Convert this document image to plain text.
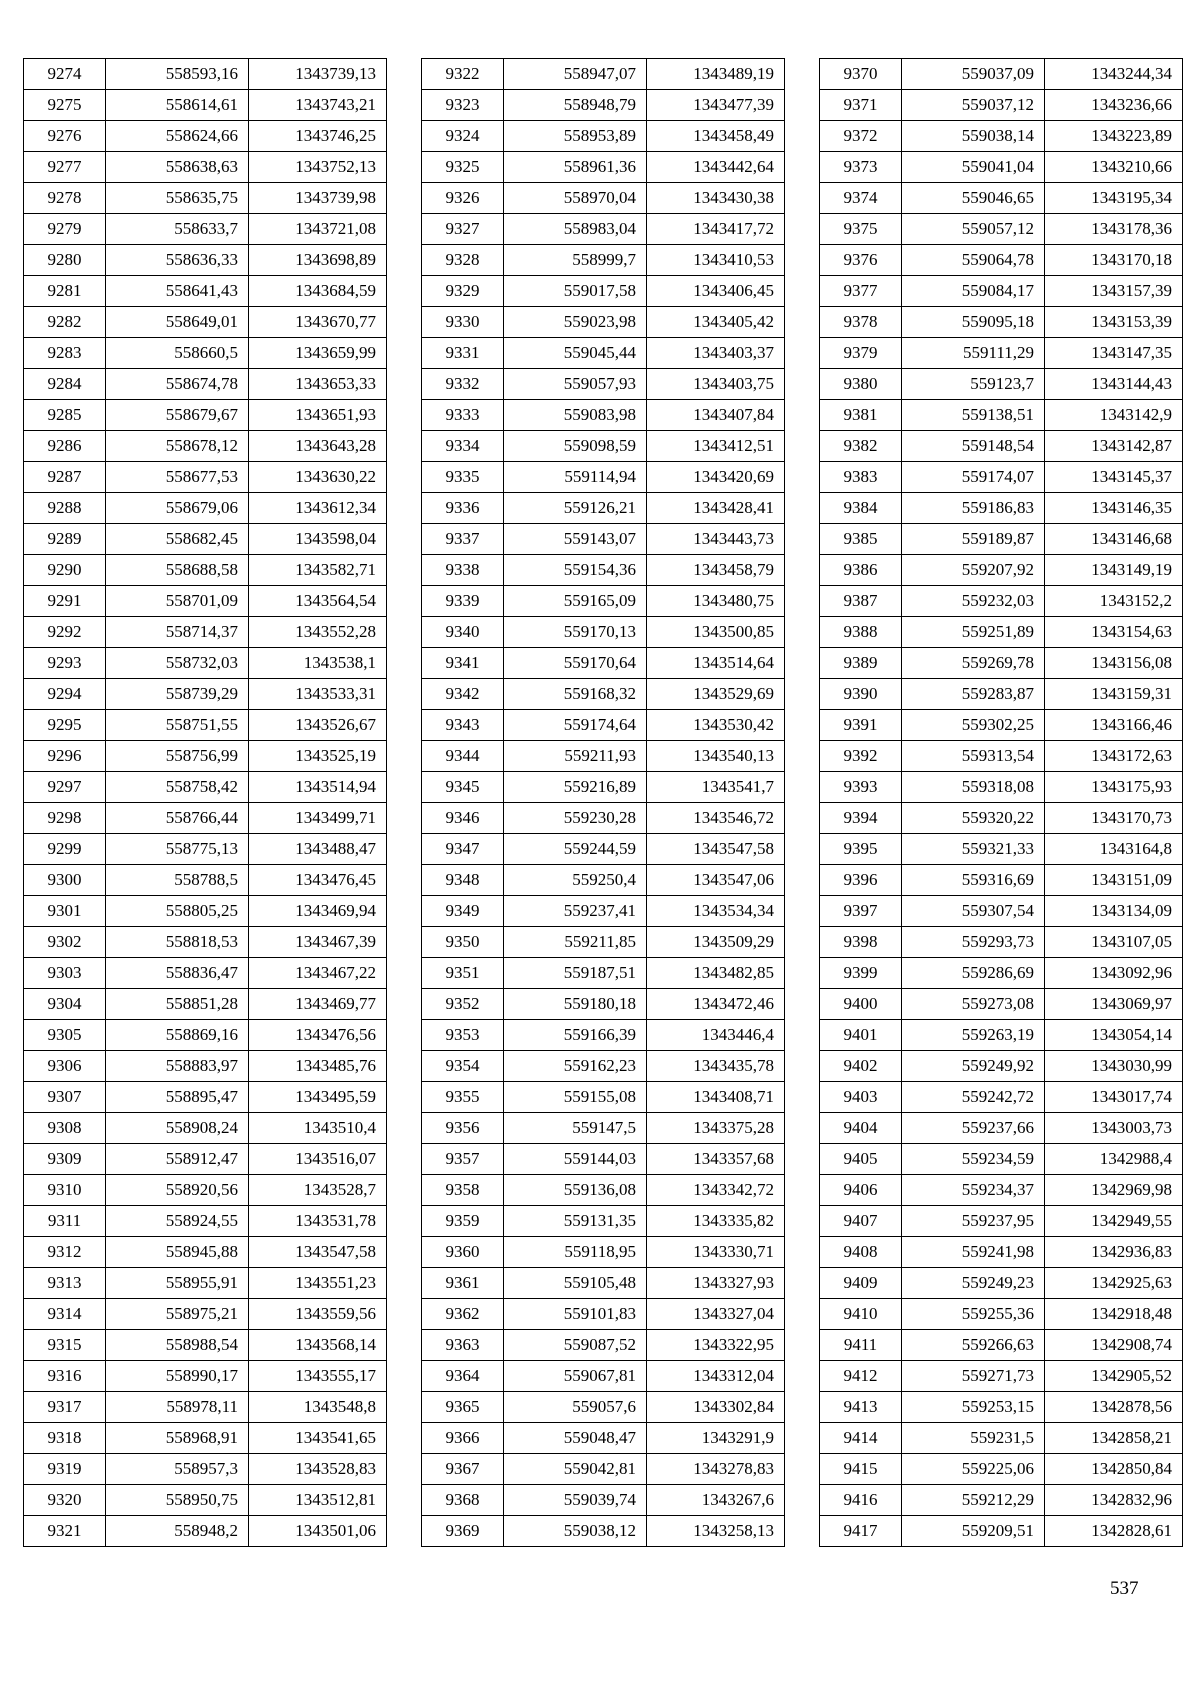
9274	558593,16	1343739,13
9275	558614,61	1343743,21
9276	558624,66	1343746,25
9277	558638,63	1343752,13
9278	558635,75	1343739,98
9279	558633,7	1343721,08
9280	558636,33	1343698,89
9281	558641,43	1343684,59
9282	558649,01	1343670,77
9283	558660,5	1343659,99
9284	558674,78	1343653,33
9285	558679,67	1343651,93
9286	558678,12	1343643,28
9287	558677,53	1343630,22
9288	558679,06	1343612,34
9289	558682,45	1343598,04
9290	558688,58	1343582,71
9291	558701,09	1343564,54
9292	558714,37	1343552,28
9293	558732,03	1343538,1
9294	558739,29	1343533,31
9295	558751,55	1343526,67
9296	558756,99	1343525,19
9297	558758,42	1343514,94
9298	558766,44	1343499,71
9299	558775,13	1343488,47
9300	558788,5	1343476,45
9301	558805,25	1343469,94
9302	558818,53	1343467,39
9303	558836,47	1343467,22
9304	558851,28	1343469,77
9305	558869,16	1343476,56
9306	558883,97	1343485,76
9307	558895,47	1343495,59
9308	558908,24	1343510,4
9309	558912,47	1343516,07
9310	558920,56	1343528,7
9311	558924,55	1343531,78
9312	558945,88	1343547,58
9313	558955,91	1343551,23
9314	558975,21	1343559,56
9315	558988,54	1343568,14
9316	558990,17	1343555,17
9317	558978,11	1343548,8
9318	558968,91	1343541,65
9319	558957,3	1343528,83
9320	558950,75	1343512,81
9321	558948,2	1343501,06
9322	558947,07	1343489,19
9323	558948,79	1343477,39
9324	558953,89	1343458,49
9325	558961,36	1343442,64
9326	558970,04	1343430,38
9327	558983,04	1343417,72
9328	558999,7	1343410,53
9329	559017,58	1343406,45
9330	559023,98	1343405,42
9331	559045,44	1343403,37
9332	559057,93	1343403,75
9333	559083,98	1343407,84
9334	559098,59	1343412,51
9335	559114,94	1343420,69
9336	559126,21	1343428,41
9337	559143,07	1343443,73
9338	559154,36	1343458,79
9339	559165,09	1343480,75
9340	559170,13	1343500,85
9341	559170,64	1343514,64
9342	559168,32	1343529,69
9343	559174,64	1343530,42
9344	559211,93	1343540,13
9345	559216,89	1343541,7
9346	559230,28	1343546,72
9347	559244,59	1343547,58
9348	559250,4	1343547,06
9349	559237,41	1343534,34
9350	559211,85	1343509,29
9351	559187,51	1343482,85
9352	559180,18	1343472,46
9353	559166,39	1343446,4
9354	559162,23	1343435,78
9355	559155,08	1343408,71
9356	559147,5	1343375,28
9357	559144,03	1343357,68
9358	559136,08	1343342,72
9359	559131,35	1343335,82
9360	559118,95	1343330,71
9361	559105,48	1343327,93
9362	559101,83	1343327,04
9363	559087,52	1343322,95
9364	559067,81	1343312,04
9365	559057,6	1343302,84
9366	559048,47	1343291,9
9367	559042,81	1343278,83
9368	559039,74	1343267,6
9369	559038,12	1343258,13
9370	559037,09	1343244,34
9371	559037,12	1343236,66
9372	559038,14	1343223,89
9373	559041,04	1343210,66
9374	559046,65	1343195,34
9375	559057,12	1343178,36
9376	559064,78	1343170,18
9377	559084,17	1343157,39
9378	559095,18	1343153,39
9379	559111,29	1343147,35
9380	559123,7	1343144,43
9381	559138,51	1343142,9
9382	559148,54	1343142,87
9383	559174,07	1343145,37
9384	559186,83	1343146,35
9385	559189,87	1343146,68
9386	559207,92	1343149,19
9387	559232,03	1343152,2
9388	559251,89	1343154,63
9389	559269,78	1343156,08
9390	559283,87	1343159,31
9391	559302,25	1343166,46
9392	559313,54	1343172,63
9393	559318,08	1343175,93
9394	559320,22	1343170,73
9395	559321,33	1343164,8
9396	559316,69	1343151,09
9397	559307,54	1343134,09
9398	559293,73	1343107,05
9399	559286,69	1343092,96
9400	559273,08	1343069,97
9401	559263,19	1343054,14
9402	559249,92	1343030,99
9403	559242,72	1343017,74
9404	559237,66	1343003,73
9405	559234,59	1342988,4
9406	559234,37	1342969,98
9407	559237,95	1342949,55
9408	559241,98	1342936,83
9409	559249,23	1342925,63
9410	559255,36	1342918,48
9411	559266,63	1342908,74
9412	559271,73	1342905,52
9413	559253,15	1342878,56
9414	559231,5	1342858,21
9415	559225,06	1342850,84
9416	559212,29	1342832,96
9417	559209,51	1342828,61
537
